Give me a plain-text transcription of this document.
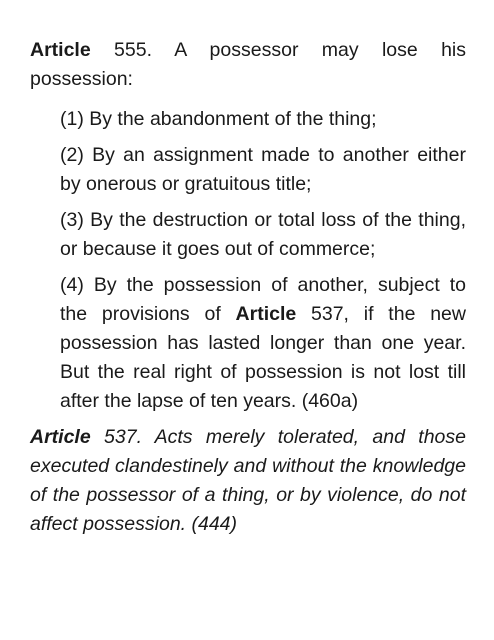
Article 555. A possessor may lose his possession:

(1) By the abandonment of the thing;

(2) By an assignment made to another either by onerous or gratuitous title;

(3) By the destruction or total loss of the thing, or because it goes out of commerce;

(4) By the possession of another, subject to the provisions of Article 537, if the new possession has lasted longer than one year. But the real right of possession is not lost till after the lapse of ten years. (460a)

Article 537. Acts merely tolerated, and those executed clandestinely and without the knowledge of the possessor of a thing, or by violence, do not affect possession. (444)
